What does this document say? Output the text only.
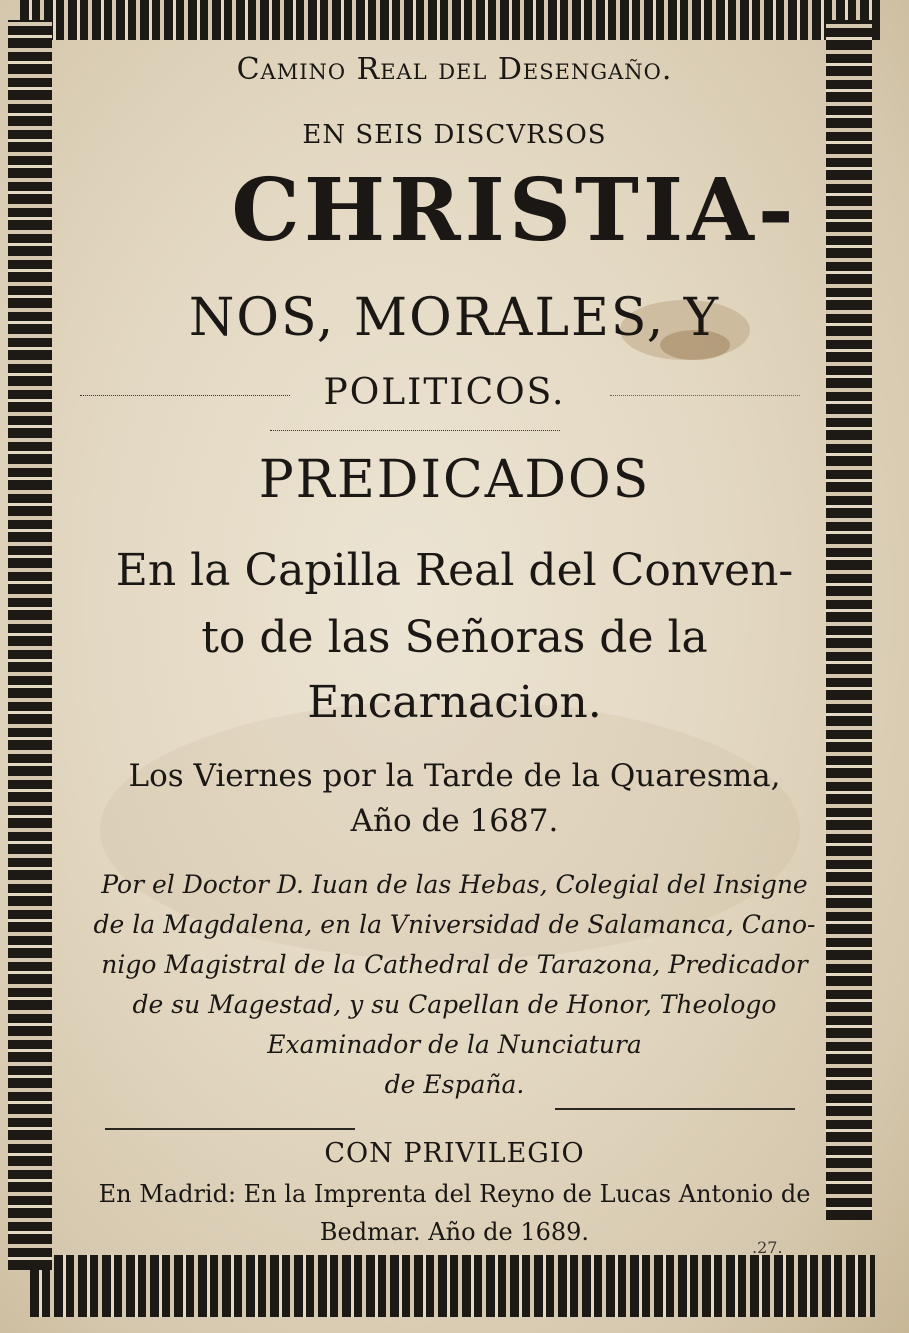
Camino Real del Desengaño.
EN SEIS DISCVRSOS
CHRISTIA-
NOS, MORALES, Y
POLITICOS.
PREDICADOS
En la Capilla Real del Conven-
to de las Señoras de la
Encarnacion.
Los Viernes por la Tarde de la Quaresma,
Año de 1687.
Por el Doctor D. Iuan de las Hebas, Colegial del Insigne
de la Magdalena, en la Vniversidad de Salamanca, Cano-
nigo Magistral de la Cathedral de Tarazona, Predicador
de su Magestad, y su Capellan de Honor, Theologo
Examinador de la Nunciatura
de España.
CON PRIVILEGIO
En Madrid: En la Imprenta del Reyno de Lucas Antonio de
Bedmar. Año de 1689.
.27.
